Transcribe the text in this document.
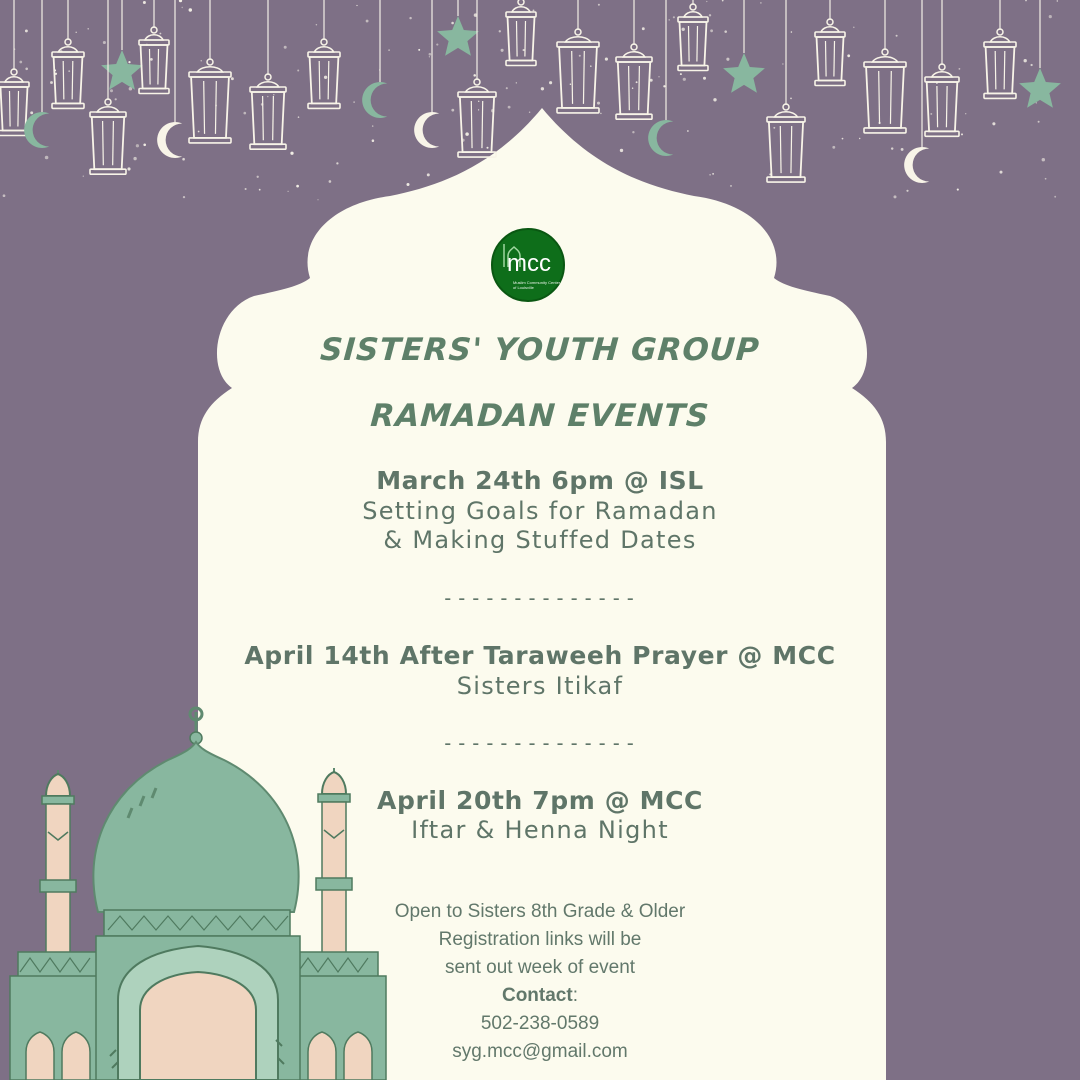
mcc
Muslim Community Center of Louisville
SISTERS' YOUTH GROUP
RAMADAN EVENTS
March 24th 6pm @ ISL
Setting Goals for Ramadan
& Making Stuffed Dates
--------------
April 14th After Taraweeh Prayer @ MCC
Sisters Itikaf
--------------
April 20th 7pm @ MCC
Iftar & Henna Night
Open to Sisters 8th Grade & Older
Registration links will be
sent out week of event
Contact:
502-238-0589
syg.mcc@gmail.com
